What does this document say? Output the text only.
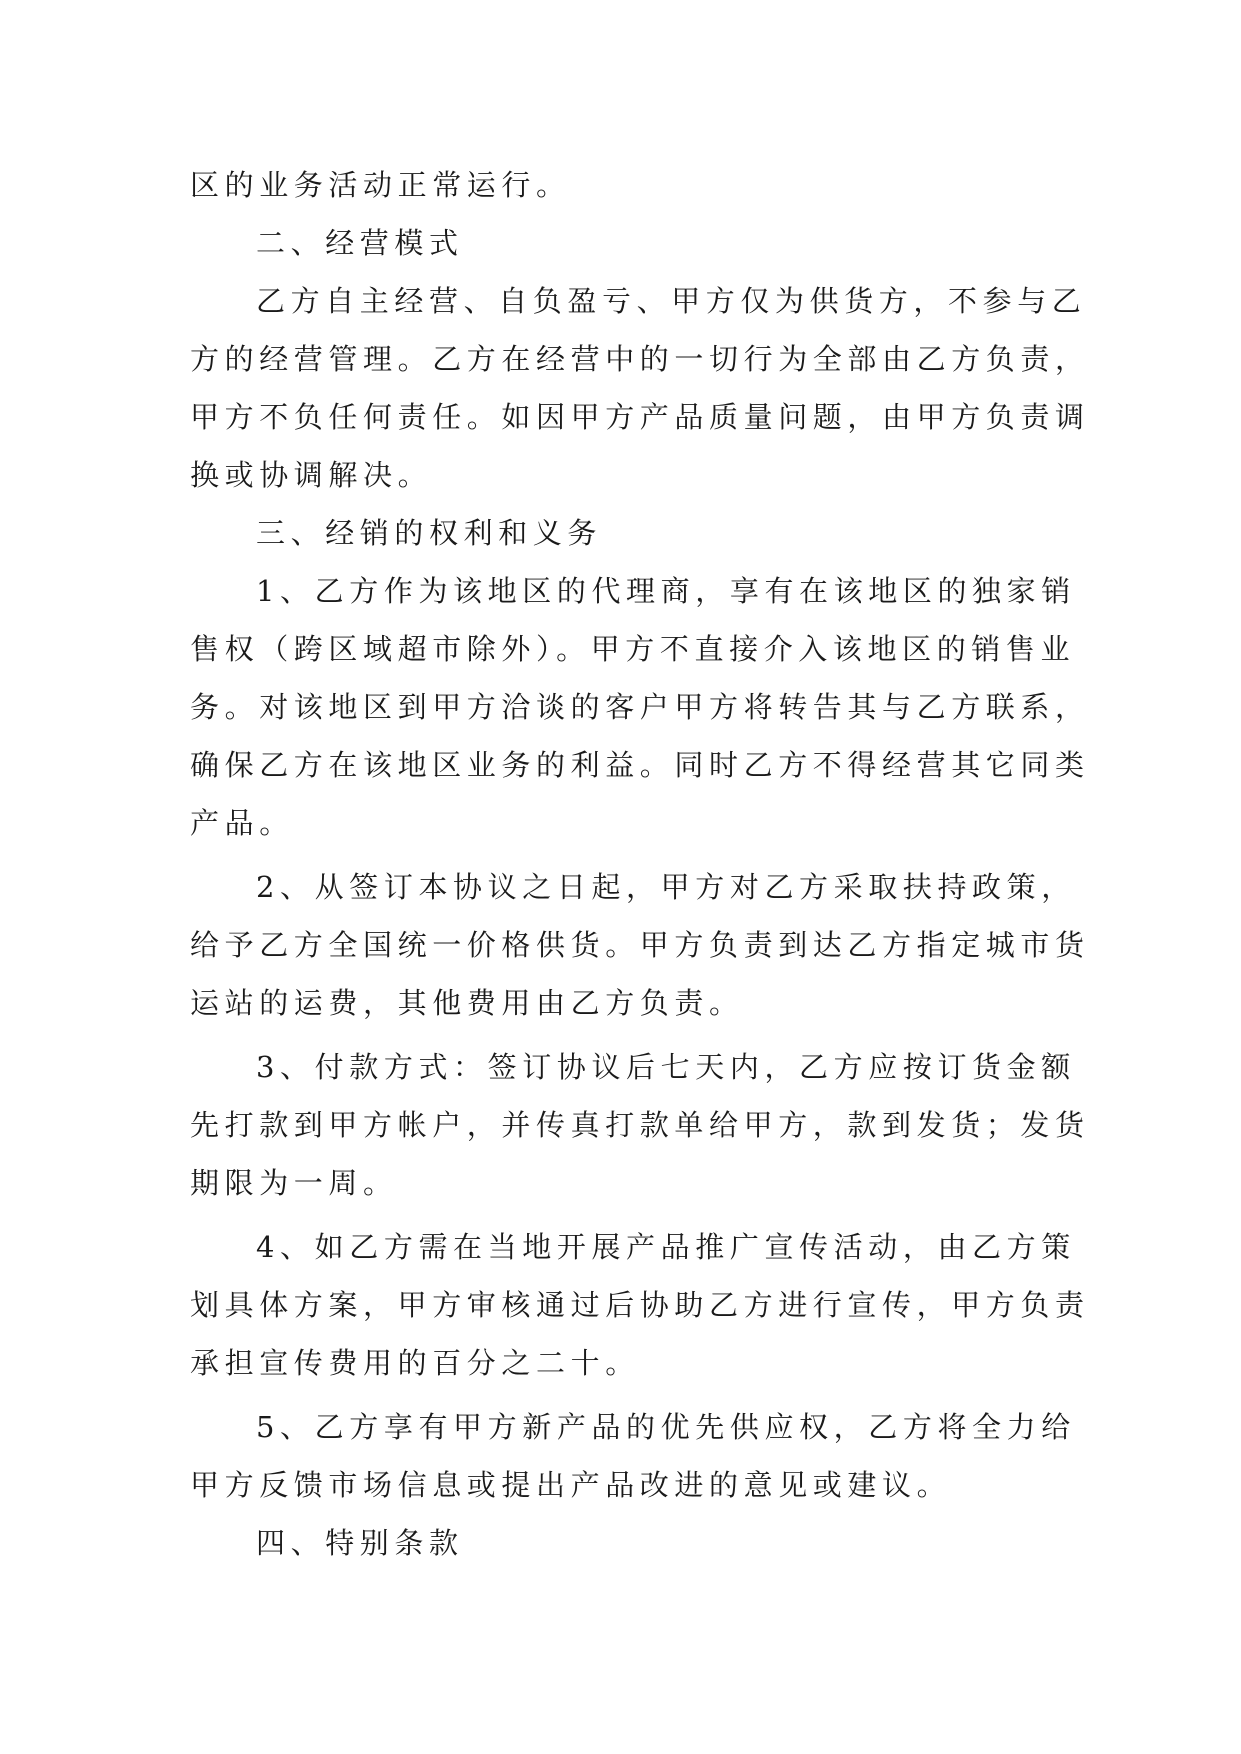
区的业务活动正常运行。
二、经营模式
乙方自主经营、自负盈亏、甲方仅为供货方，不参与乙
方的经营管理。乙方在经营中的一切行为全部由乙方负责，
甲方不负任何责任。如因甲方产品质量问题，由甲方负责调
换或协调解决。
三、经销的权利和义务
1、乙方作为该地区的代理商，享有在该地区的独家销
售权（跨区域超市除外）。甲方不直接介入该地区的销售业
务。对该地区到甲方洽谈的客户甲方将转告其与乙方联系，
确保乙方在该地区业务的利益。同时乙方不得经营其它同类
产品。
2、从签订本协议之日起，甲方对乙方采取扶持政策，
给予乙方全国统一价格供货。甲方负责到达乙方指定城市货
运站的运费，其他费用由乙方负责。
3、付款方式：签订协议后七天内，乙方应按订货金额
先打款到甲方帐户，并传真打款单给甲方，款到发货；发货
期限为一周。
4、如乙方需在当地开展产品推广宣传活动，由乙方策
划具体方案，甲方审核通过后协助乙方进行宣传，甲方负责
承担宣传费用的百分之二十。
5、乙方享有甲方新产品的优先供应权，乙方将全力给
甲方反馈市场信息或提出产品改进的意见或建议。
四、特别条款
